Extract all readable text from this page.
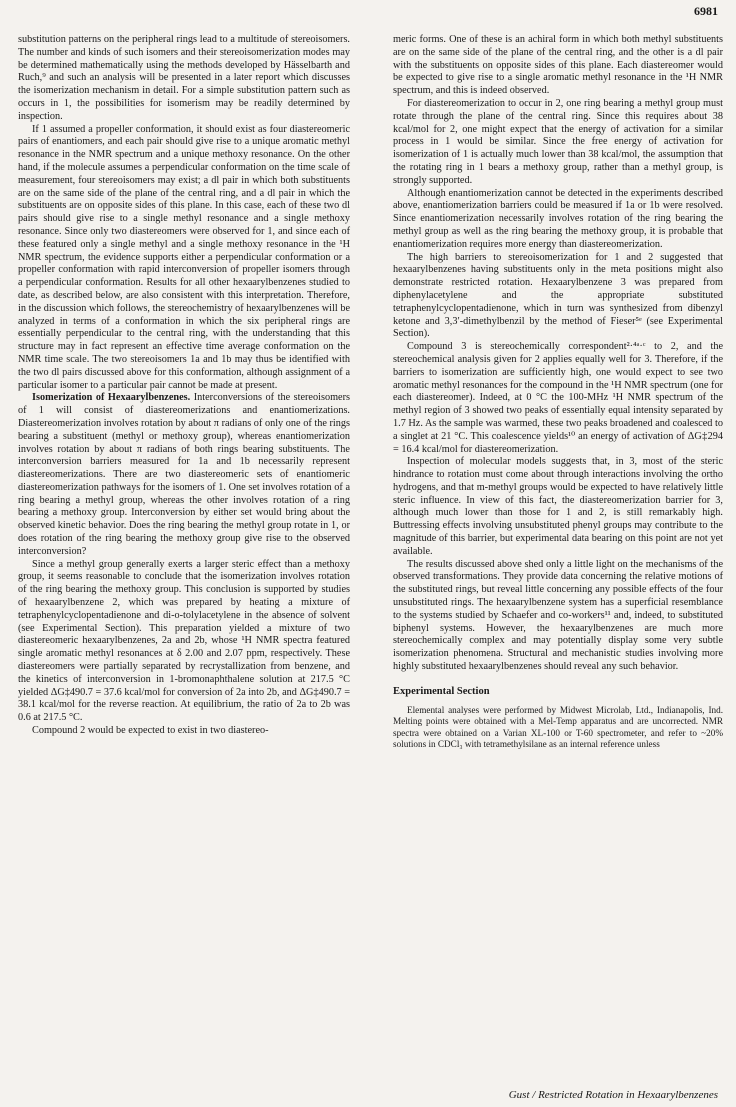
6981

substitution patterns on the peripheral rings lead to a multitude of stereoisomers. The number and kinds of such isomers and their stereoisomerization modes may be determined mathematically using the methods developed by Hässelbarth and Ruch,⁹ and such an analysis will be presented in a later report which discusses the isomerization mechanism in detail. For a simple substitution pattern such as occurs in 1, the possibilities for isomerism may be readily determined by inspection.

If 1 assumed a propeller conformation, it should exist as four diastereomeric pairs of enantiomers, and each pair should give rise to a unique aromatic methyl resonance in the NMR spectrum and a unique methoxy resonance. On the other hand, if the molecule assumes a perpendicular conformation on the time scale of measurement, four stereoisomers may exist; a dl pair in which both substituents are on the same side of the plane of the central ring, and a dl pair in which the substituents are on opposite sides of this plane. In this case, each of these two dl pairs should give rise to a single methyl resonance and a single methoxy resonance. Since only two diastereomers were observed for 1, and since each of these featured only a single methyl and a single methoxy resonance in the ¹H NMR spectrum, the evidence supports either a perpendicular conformation or a propeller conformation with rapid interconversion of propeller isomers through a perpendicular conformation. Results for all other hexaarylbenzenes studied to date, as described below, are also consistent with this interpretation. Therefore, in the discussion which follows, the stereochemistry of hexaarylbenzenes will be analyzed in terms of a conformation in which the six peripheral rings are essentially perpendicular to the central ring, with the understanding that this structure may in fact represent an effective time average conformation on the NMR time scale. The two stereoisomers 1a and 1b may thus be identified with the two dl pairs discussed above for this conformation, although assignment of a particular isomer to a particular pair cannot be made at present.

Isomerization of Hexaarylbenzenes. Interconversions of the stereoisomers of 1 will consist of diastereomerizations and enantiomerizations. Diastereomerization involves rotation by about π radians of only one of the rings bearing a substituent (methyl or methoxy group), whereas enantiomerization involves rotation by about π radians of both rings bearing substituents. The interconversion barriers measured for 1a and 1b necessarily represent diastereomerizations. There are two diastereomeric sets of enantiomeric diastereomerization pathways for the isomers of 1. One set involves rotation of a ring bearing a methyl group, whereas the other involves rotation of a ring bearing a methoxy group. Interconversion by either set would bring about the observed kinetic behavior. Does the ring bearing the methyl group rotate in 1, or does rotation of the ring bearing the methoxy group give rise to the observed interconversion?

Since a methyl group generally exerts a larger steric effect than a methoxy group, it seems reasonable to conclude that the isomerization involves rotation of the ring bearing the methoxy group. This conclusion is supported by studies of hexaarylbenzene 2, which was prepared by heating a mixture of tetraphenylcyclopentadienone and di-o-tolylacetylene in the absence of solvent (see Experimental Section). This preparation yielded a mixture of two diastereomeric hexaarylbenzenes, 2a and 2b, whose ¹H NMR spectra featured single aromatic methyl resonances at δ 2.00 and 2.07 ppm, respectively. These diastereomers were partially separated by recrystallization from benzene, and the kinetics of interconversion in 1-bromonaphthalene solution at 217.5 °C yielded ΔG‡490.7 = 37.6 kcal/mol for conversion of 2a into 2b, and ΔG‡490.7 = 38.1 kcal/mol for the reverse reaction. At equilibrium, the ratio of 2a to 2b was 0.6 at 217.5 °C.

Compound 2 would be expected to exist in two diastereo-

meric forms. One of these is an achiral form in which both methyl substituents are on the same side of the plane of the central ring, and the other is a dl pair with the substituents on opposite sides of this plane. Each diastereomer would be expected to give rise to a single aromatic methyl resonance in the ¹H NMR spectrum, and this is indeed observed.

For diastereomerization to occur in 2, one ring bearing a methyl group must rotate through the plane of the central ring. Since this requires about 38 kcal/mol for 2, one might expect that the energy of activation for a similar process in 1 would be similar. Since the free energy of activation for isomerization of 1 is actually much lower than 38 kcal/mol, the assumption that the rotating ring in 1 bears a methoxy group, rather than a methyl group, is strongly supported.

Although enantiomerization cannot be detected in the experiments described above, enantiomerization barriers could be measured if 1a or 1b were resolved. Since enantiomerization necessarily involves rotation of the ring bearing the methyl group as well as the ring bearing the methoxy group, it is probable that enantiomerization requires more energy than diastereomerization.

The high barriers to stereoisomerization for 1 and 2 suggested that hexaarylbenzenes having substituents only in the meta positions might also demonstrate restricted rotation. Hexaarylbenzene 3 was prepared from diphenylacetylene and the appropriate substituted tetraphenylcyclopentadienone, which in turn was synthesized from dibenzyl ketone and 3,3′-dimethylbenzil by the method of Fieser⁵ᵉ (see Experimental Section).

Compound 3 is stereochemically correspondent²·⁴ᵃ·ᶜ to 2, and the stereochemical analysis given for 2 applies equally well for 3. Therefore, if the barriers to isomerization are sufficiently high, one would expect to see two aromatic methyl resonances for the compound in the ¹H NMR spectrum (one for each diastereomer). Indeed, at 0 °C the 100-MHz ¹H NMR spectrum of the methyl region of 3 showed two peaks of essentially equal intensity separated by 1.7 Hz. As the sample was warmed, these two peaks broadened and coalesced to a singlet at 21 °C. This coalescence yields¹⁰ an energy of activation of ΔG‡294 = 16.4 kcal/mol for diastereomerization.

Inspection of molecular models suggests that, in 3, most of the steric hindrance to rotation must come about through interactions involving the ortho hydrogens, and that m-methyl groups would be expected to have relatively little steric influence. In view of this fact, the diastereomerization barrier for 3, although much lower than those for 1 and 2, is still remarkably high. Buttressing effects involving unsubstituted phenyl groups may contribute to the magnitude of this barrier, but experimental data bearing on this point are not yet available.

The results discussed above shed only a little light on the mechanisms of the observed transformations. They provide data concerning the relative motions of the substituted rings, but reveal little concerning any possible effects of the four unsubstituted rings. The hexaarylbenzene system has a superficial resemblance to the systems studied by Schaefer and co-workers¹¹ and, indeed, to substituted biphenyl systems. However, the hexaarylbenzenes are much more stereochemically complex and may potentially display some very subtle isomerization phenomena. Structural and mechanistic studies involving more highly substituted hexaarylbenzenes should reveal any such behavior.

Experimental Section

Elemental analyses were performed by Midwest Microlab, Ltd., Indianapolis, Ind. Melting points were obtained with a Mel-Temp apparatus and are uncorrected. NMR spectra were obtained on a Varian XL-100 or T-60 spectrometer, and refer to ~20% solutions in CDCl₃ with tetramethylsilane as an internal reference unless

Gust / Restricted Rotation in Hexaarylbenzenes
